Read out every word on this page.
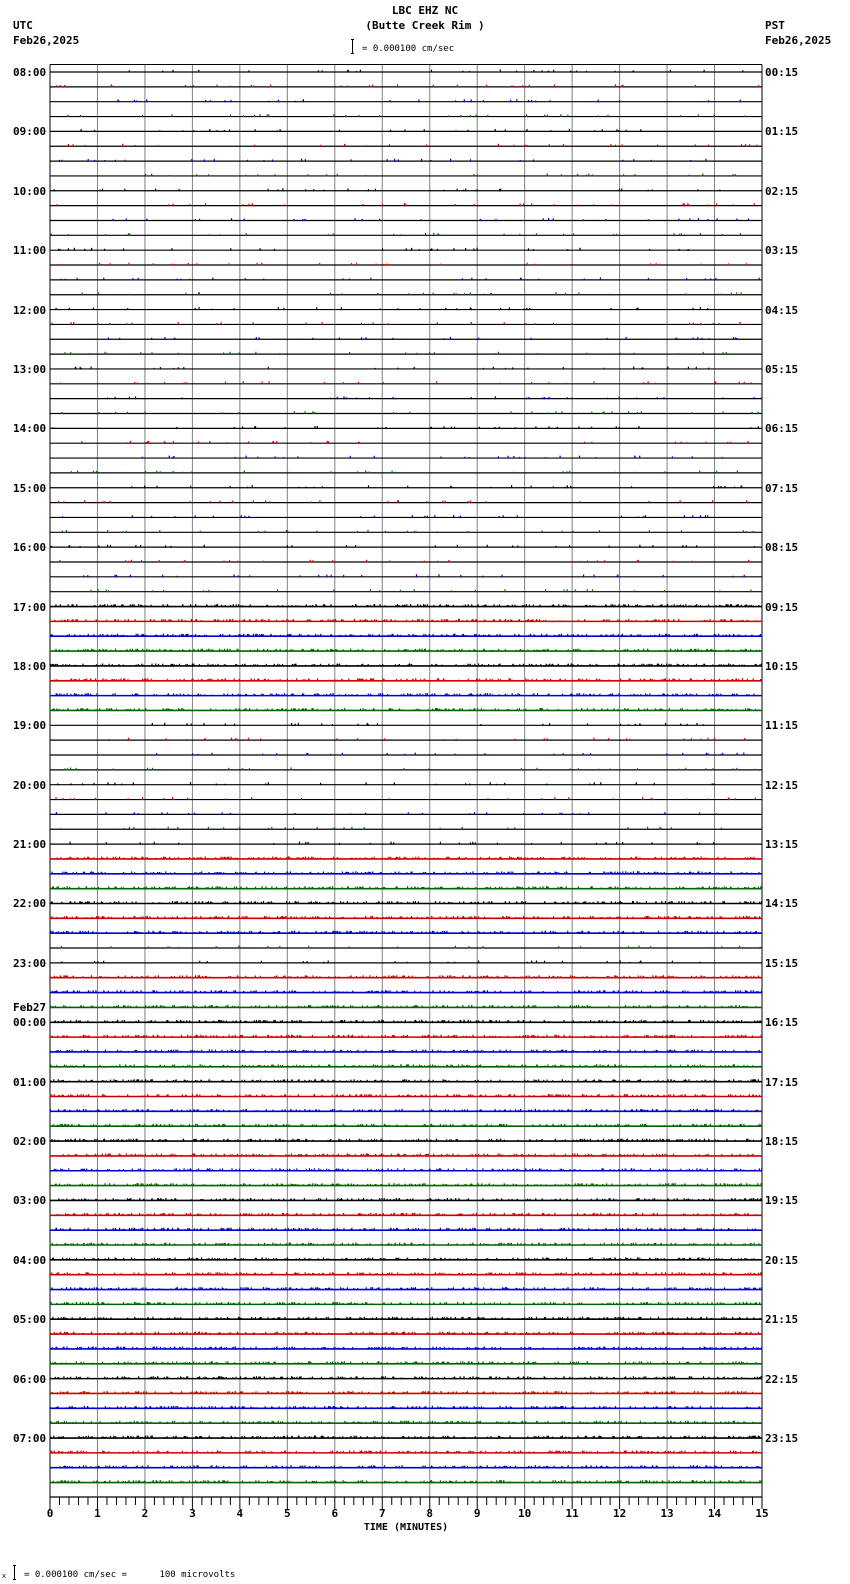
LBC EHZ NC
(Butte Creek Rim )
UTC
Feb26,2025
PST
Feb26,2025
= 0.000100 cm/sec
0	1	2	3	4	5	6	7	8	9	10	11	12	13	14	15
TIME (MINUTES)
08:00
09:00
10:00
11:00
12:00
13:00
14:00
15:00
16:00
17:00
18:00
19:00
20:00
21:00
22:00
23:00
00:00
Feb27
01:00
02:00
03:00
04:00
05:00
06:00
07:00
00:15
01:15
02:15
03:15
04:15
05:15
06:15
07:15
08:15
09:15
10:15
11:15
12:15
13:15
14:15
15:15
16:15
17:15
18:15
19:15
20:15
21:15
22:15
23:15
x = 0.000100 cm/sec =      100 microvolts
